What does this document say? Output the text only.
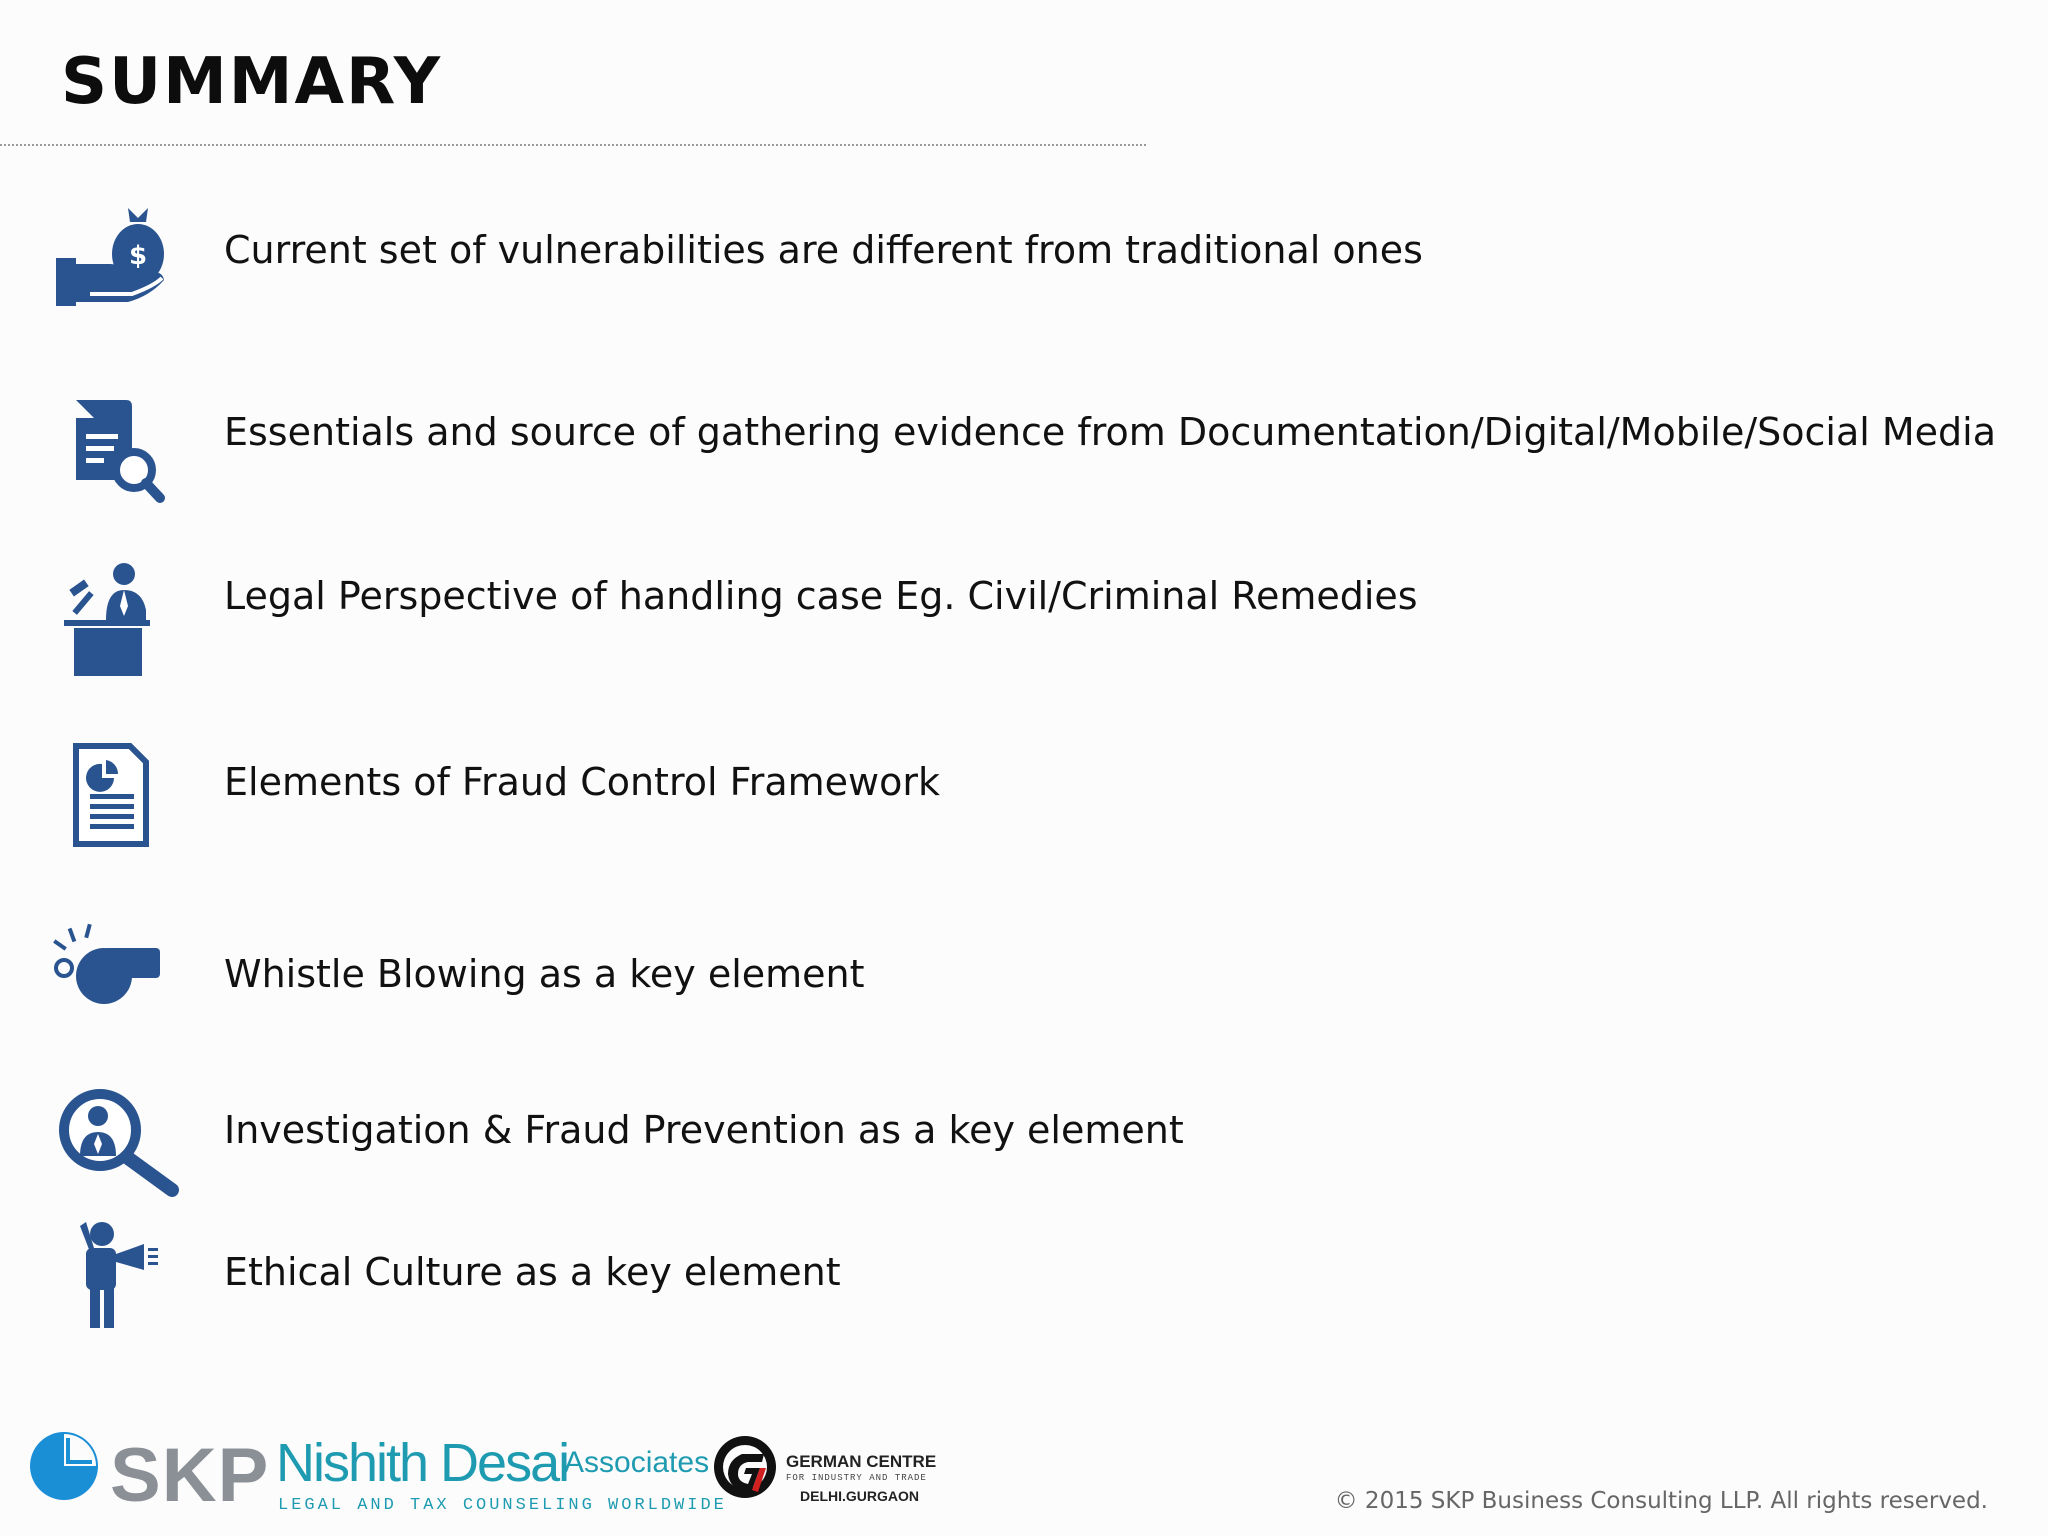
SUMMARY
$ Current set of vulnerabilities are different from traditional ones
Essentials and source of gathering evidence from Documentation/Digital/Mobile/Social Media
Legal Perspective of handling case Eg. Civil/Criminal Remedies
Elements of Fraud Control Framework
Whistle Blowing as a key element
Investigation & Fraud Prevention as a key element
Ethical Culture as a key element
SKP Nishith Desai
Associates
LEGAL AND TAX COUNSELING WORLDWIDE
GERMAN CENTRE
FOR INDUSTRY AND TRADE
DELHI.GURGAON	© 2015 SKP Business Consulting LLP. All rights reserved.
